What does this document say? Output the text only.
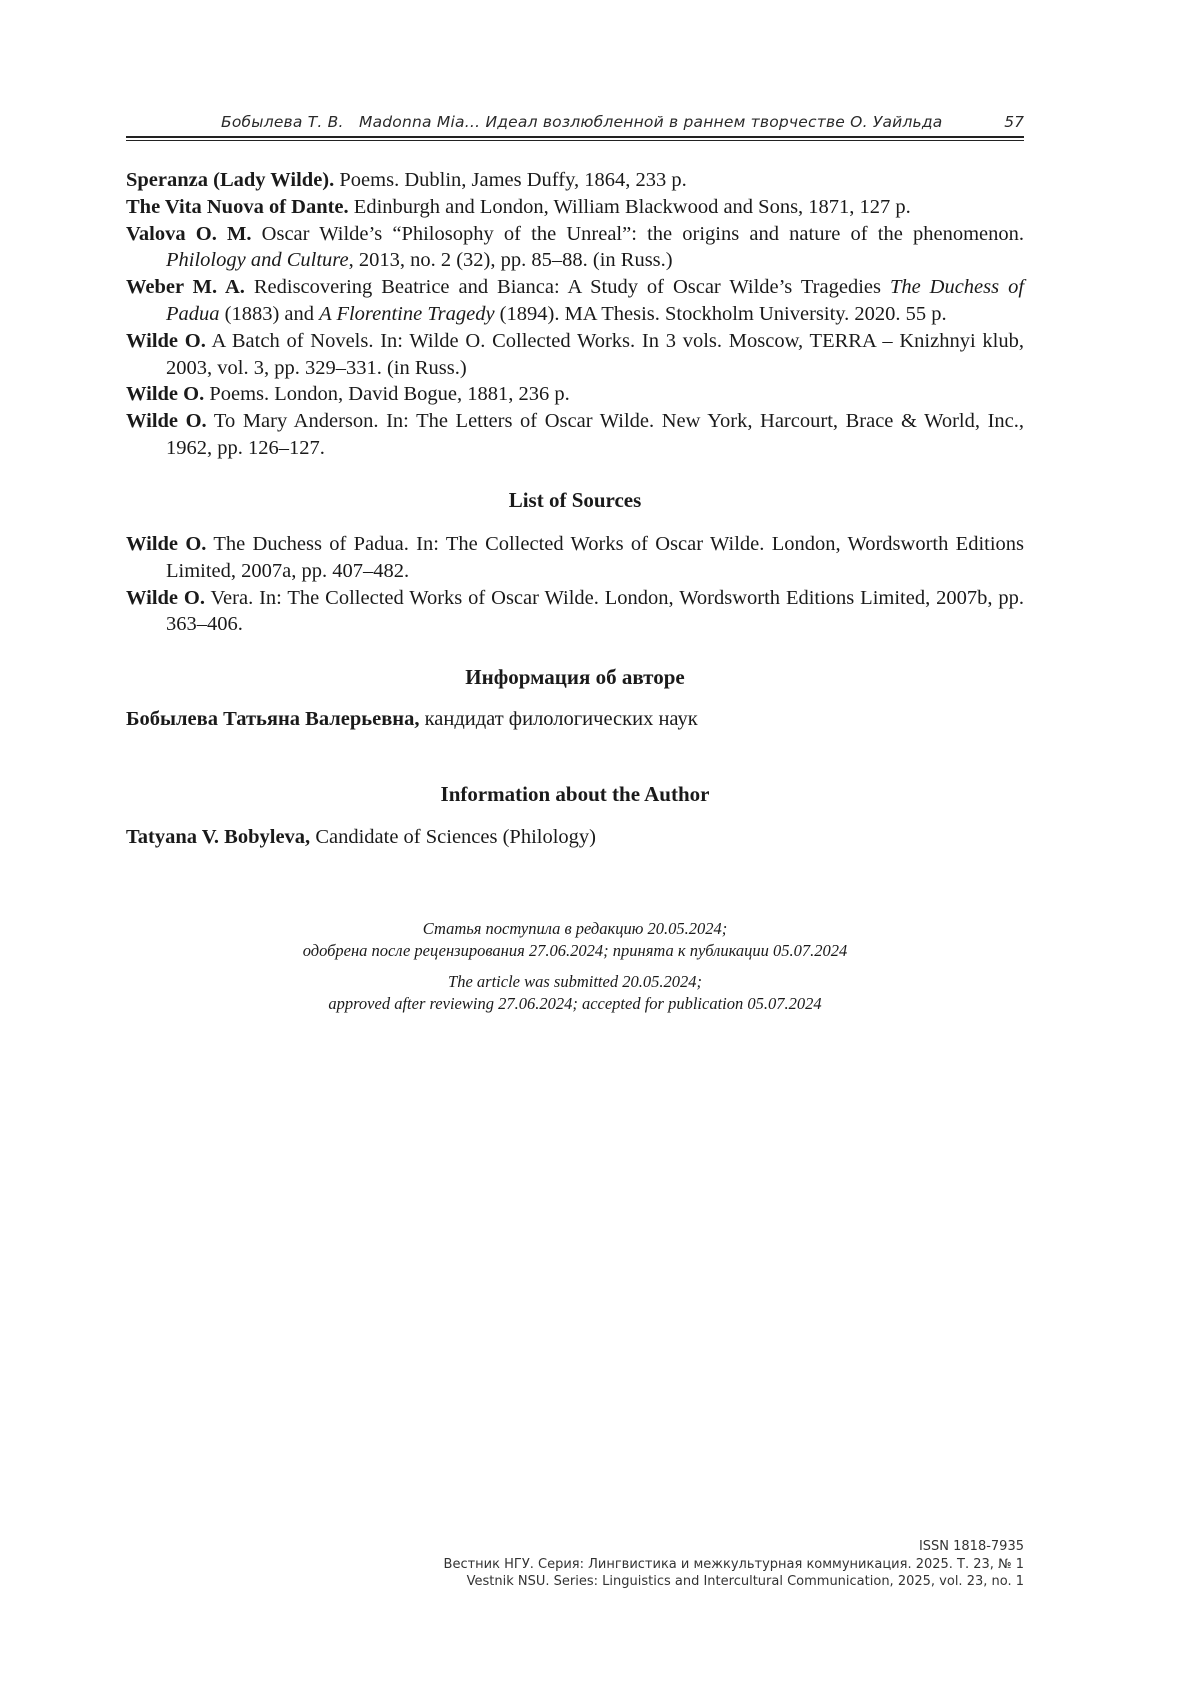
Бобылева Т. В. Madonna Mia… Идеал возлюбленной в раннем творчестве О. Уайльда	57

Speranza (Lady Wilde). Poems. Dublin, James Duffy, 1864, 233 p.

The Vita Nuova of Dante. Edinburgh and London, William Blackwood and Sons, 1871, 127 p.

Valova O. M. Oscar Wilde’s “Philosophy of the Unreal”: the origins and nature of the phenomenon. Philology and Culture, 2013, no. 2 (32), pp. 85–88. (in Russ.)

Weber M. A. Rediscovering Beatrice and Bianca: A Study of Oscar Wilde’s Tragedies The Duchess of Padua (1883) and A Florentine Tragedy (1894). MA Thesis. Stockholm University. 2020. 55 p.

Wilde O. A Batch of Novels. In: Wilde O. Collected Works. In 3 vols. Moscow, TERRA – Knizhnyi klub, 2003, vol. 3, pp. 329–331. (in Russ.)

Wilde O. Poems. London, David Bogue, 1881, 236 p.

Wilde O. To Mary Anderson. In: The Letters of Oscar Wilde. New York, Harcourt, Brace & World, Inc., 1962, pp. 126–127.

List of Sources

Wilde O. The Duchess of Padua. In: The Collected Works of Oscar Wilde. London, Wordsworth Editions Limited, 2007a, pp. 407–482.

Wilde O. Vera. In: The Collected Works of Oscar Wilde. London, Wordsworth Editions Limited, 2007b, pp. 363–406.

Информация об авторе
Бобылева Татьяна Валерьевна, кандидат филологических наук
Information about the Author
Tatyana V. Bobyleva, Candidate of Sciences (Philology)
Статья поступила в редакцию 20.05.2024;
одобрена после рецензирования 27.06.2024; принята к публикации 05.07.2024
The article was submitted 20.05.2024;
approved after reviewing 27.06.2024; accepted for publication 05.07.2024
ISSN 1818-7935
Вестник НГУ. Серия: Лингвистика и межкультурная коммуникация. 2025. Т. 23, № 1
Vestnik NSU. Series: Linguistics and Intercultural Communication, 2025, vol. 23, no. 1
